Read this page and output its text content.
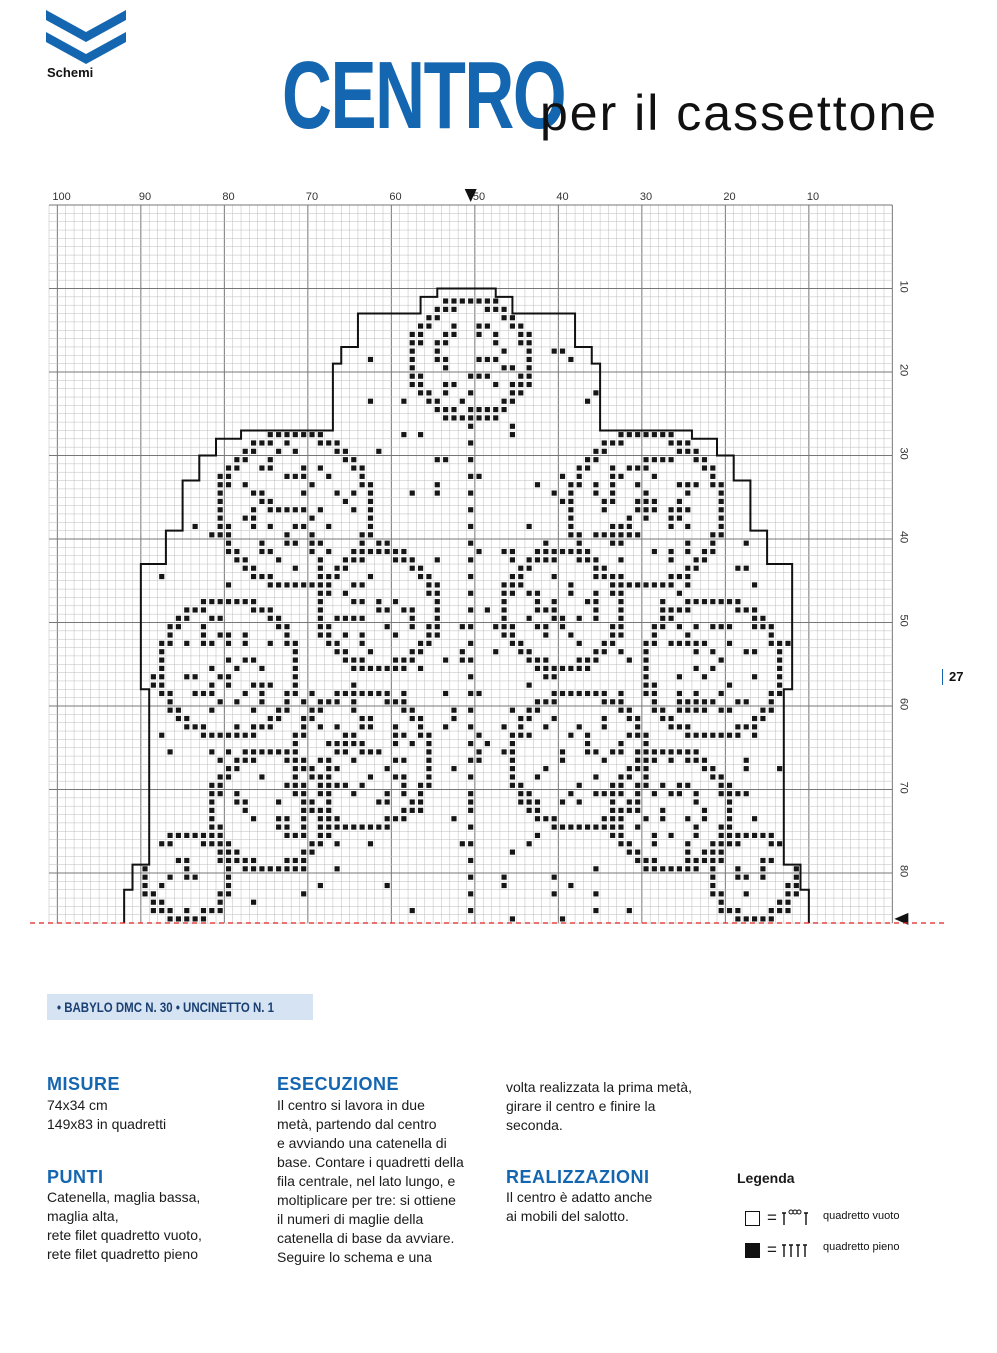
Schemi CENTRO
per il cassettone
100	90	80	70	60	50	40	30	20	10
10
20
30
40
50
60
70
80
27
• BABYLO DMC N. 30 • UNCINETTO N. 1
MISURE
74x34 cm
149x83 in quadretti
PUNTI
Catenella, maglia bassa,
maglia alta,
rete filet quadretto vuoto,
rete filet quadretto pieno
ESECUZIONE
Il centro si lavora in due
metà, partendo dal centro
e avviando una catenella di
base. Contare i quadretti della
fila centrale, nel lato lungo, e
moltiplicare per tre: si ottiene
il numeri di maglie della
catenella di base da avviare.
Seguire lo schema e una
volta realizzata la prima metà,
girare il centro e finire la
seconda.
REALIZZAZIONI
Il centro è adatto anche
ai mobili del salotto.
Legenda
=	quadretto vuoto
=	quadretto pieno
